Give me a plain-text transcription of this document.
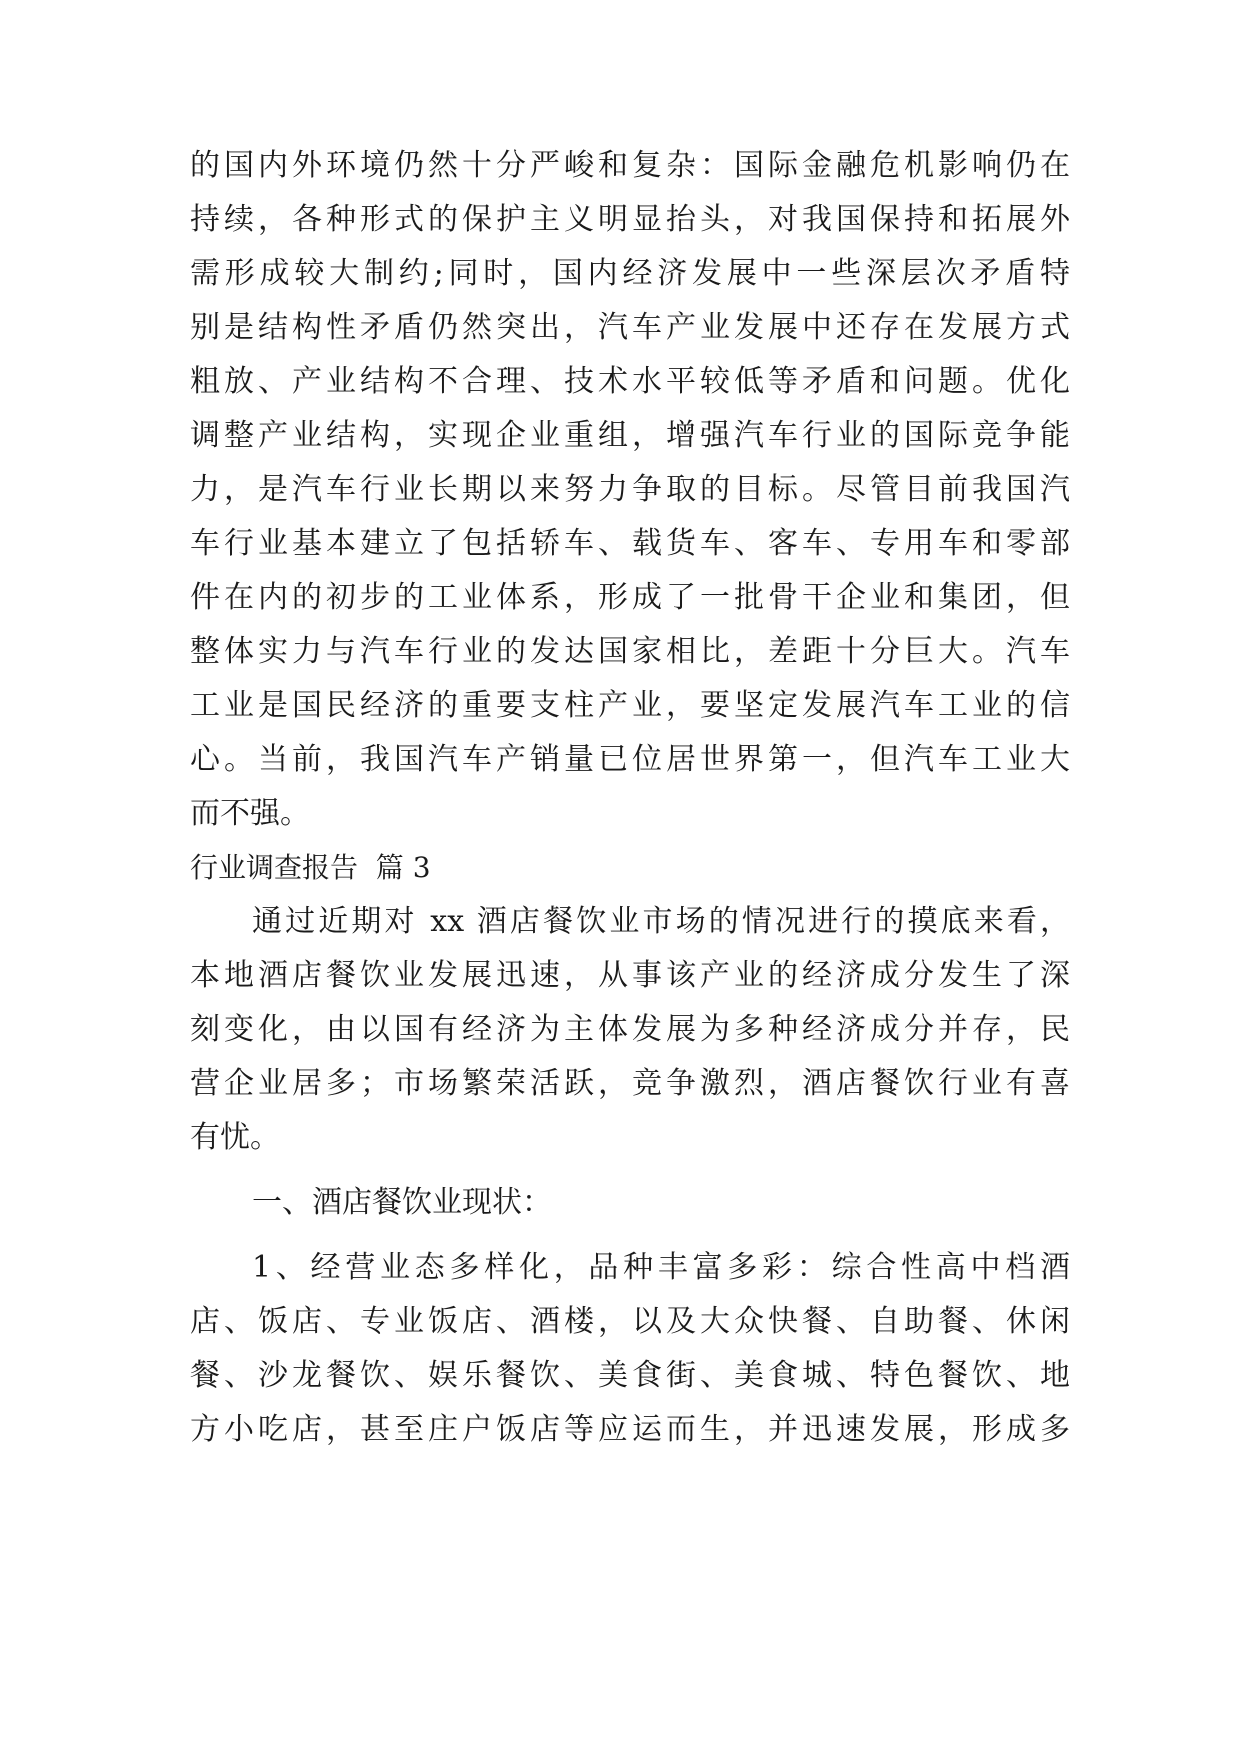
的国内外环境仍然十分严峻和复杂：国际金融危机影响仍在
持续，各种形式的保护主义明显抬头，对我国保持和拓展外
需形成较大制约;同时，国内经济发展中一些深层次矛盾特
别是结构性矛盾仍然突出，汽车产业发展中还存在发展方式
粗放、产业结构不合理、技术水平较低等矛盾和问题。优化
调整产业结构，实现企业重组，增强汽车行业的国际竞争能
力，是汽车行业长期以来努力争取的目标。尽管目前我国汽
车行业基本建立了包括轿车、载货车、客车、专用车和零部
件在内的初步的工业体系，形成了一批骨干企业和集团，但
整体实力与汽车行业的发达国家相比，差距十分巨大。汽车
工业是国民经济的重要支柱产业，要坚定发展汽车工业的信
心。当前，我国汽车产销量已位居世界第一，但汽车工业大
而不强。
行业调查报告  篇 3
通过近期对 xx 酒店餐饮业市场的情况进行的摸底来看，
本地酒店餐饮业发展迅速，从事该产业的经济成分发生了深
刻变化，由以国有经济为主体发展为多种经济成分并存，民
营企业居多；市场繁荣活跃，竞争激烈，酒店餐饮行业有喜
有忧。
一、酒店餐饮业现状：
1、经营业态多样化，品种丰富多彩：综合性高中档酒
店、饭店、专业饭店、酒楼，以及大众快餐、自助餐、休闲
餐、沙龙餐饮、娱乐餐饮、美食街、美食城、特色餐饮、地
方小吃店，甚至庄户饭店等应运而生，并迅速发展，形成多
